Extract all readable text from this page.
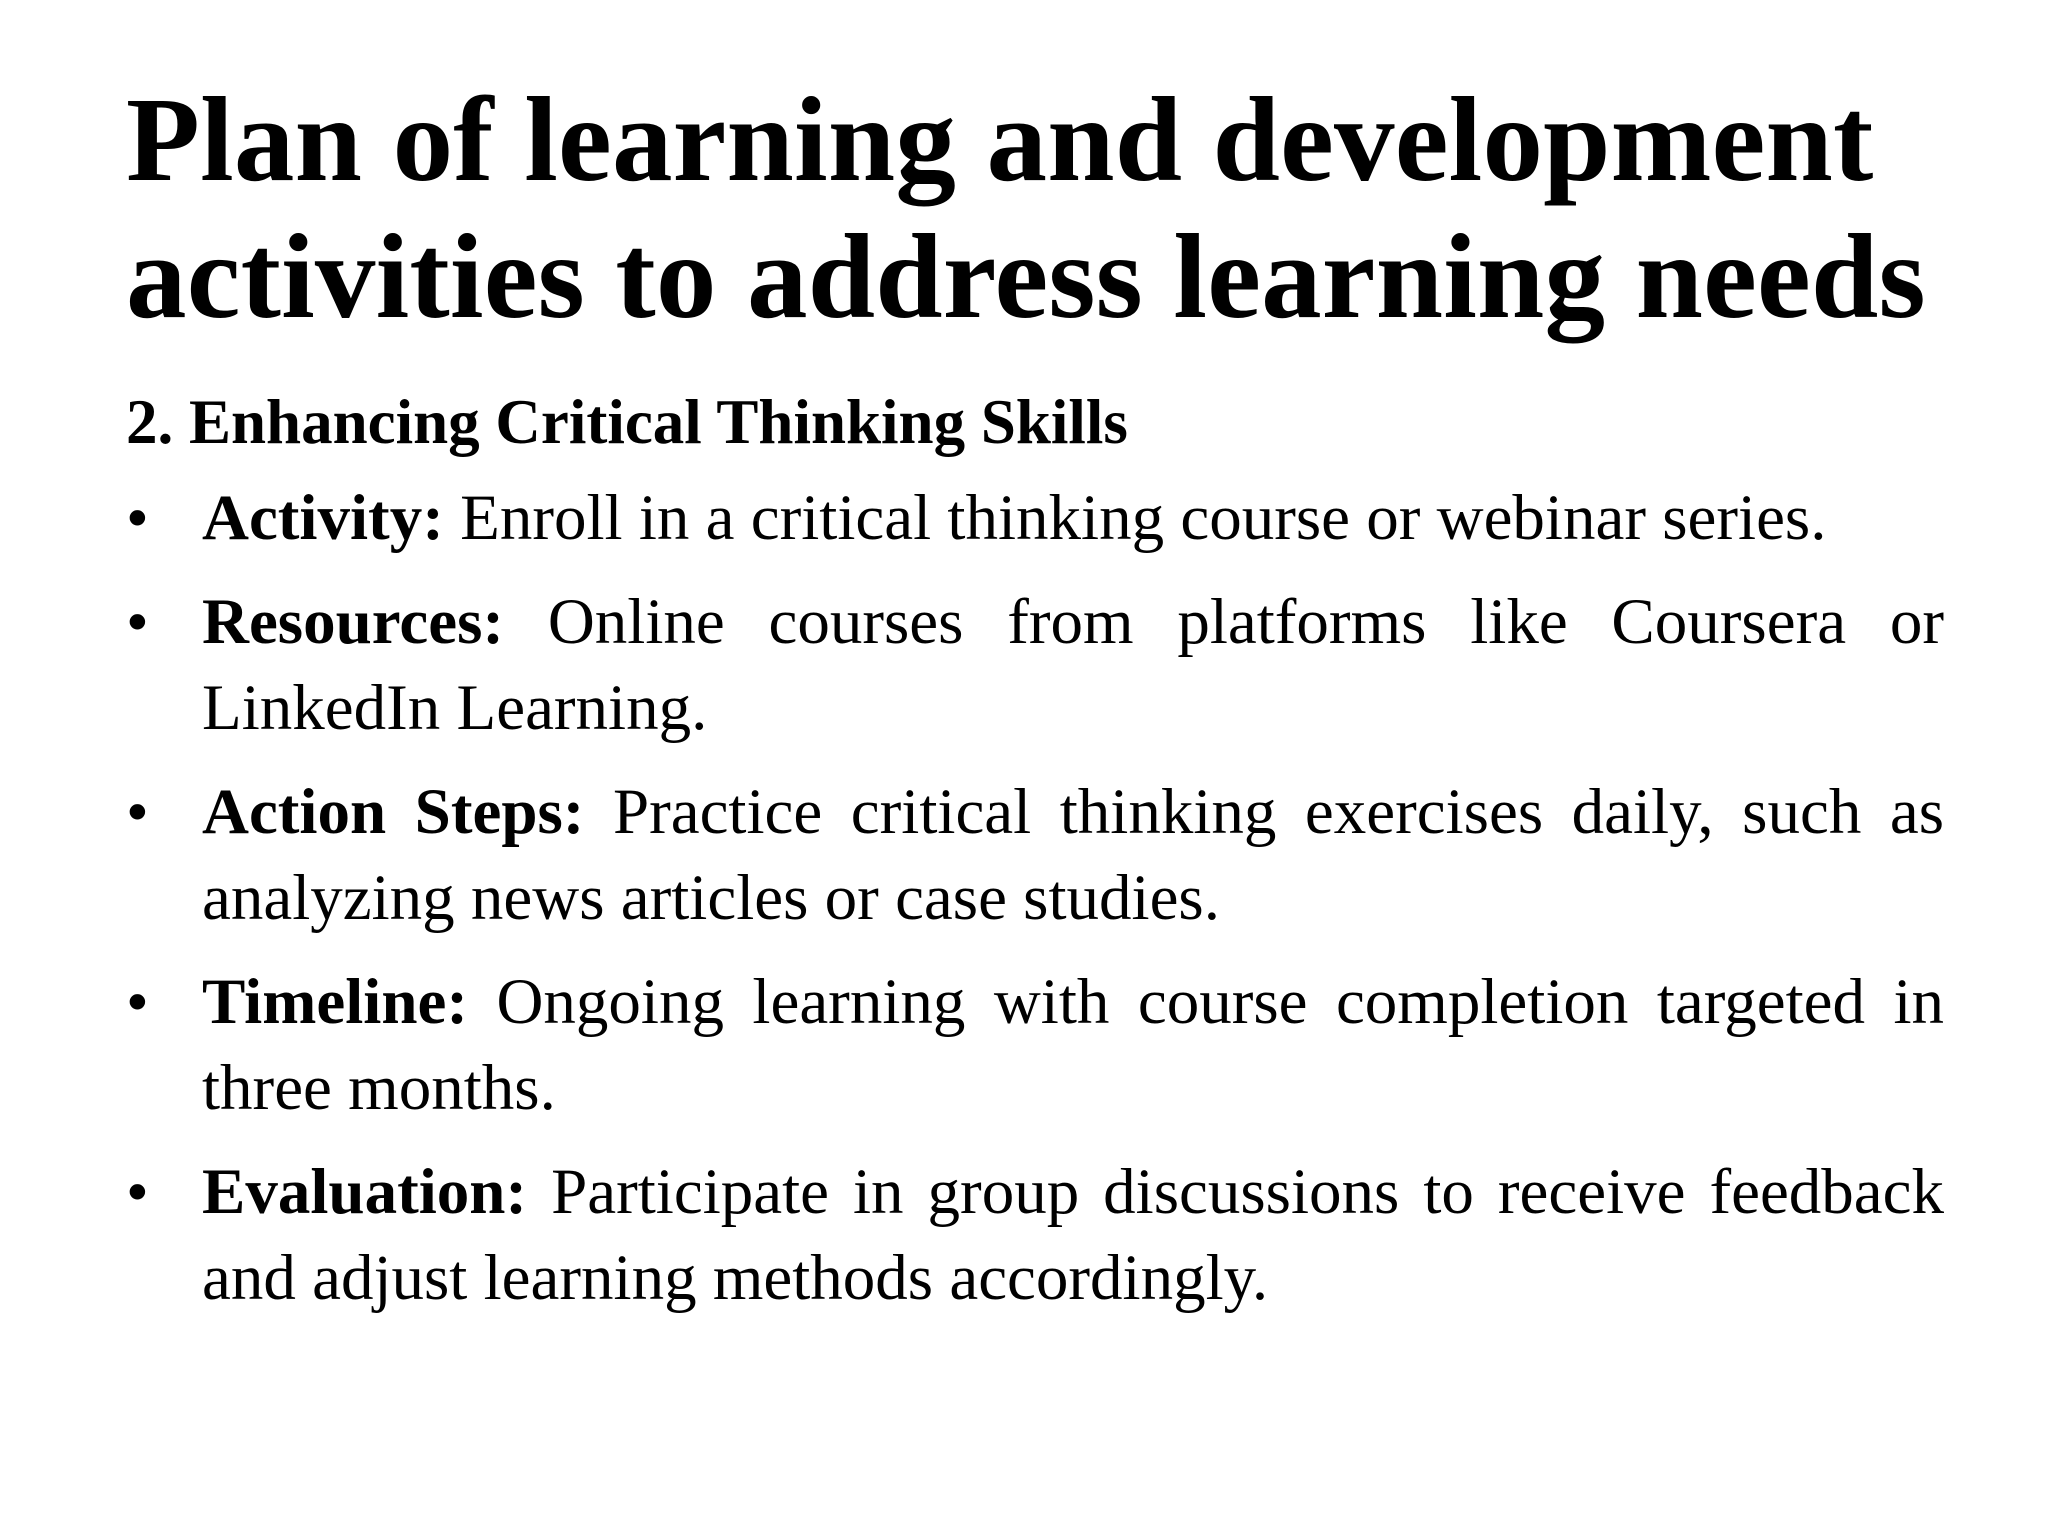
Plan of learning and development
activities to address learning needs
2. Enhancing Critical Thinking Skills
• Activity: Enroll in a critical thinking course or webinar series.
• Resources: Online courses from platforms like Coursera or LinkedIn Learning.
• Action Steps: Practice critical thinking exercises daily, such as analyzing news articles or case studies.
• Timeline: Ongoing learning with course completion targeted in three months.
• Evaluation: Participate in group discussions to receive feedback and adjust learning methods accordingly.
